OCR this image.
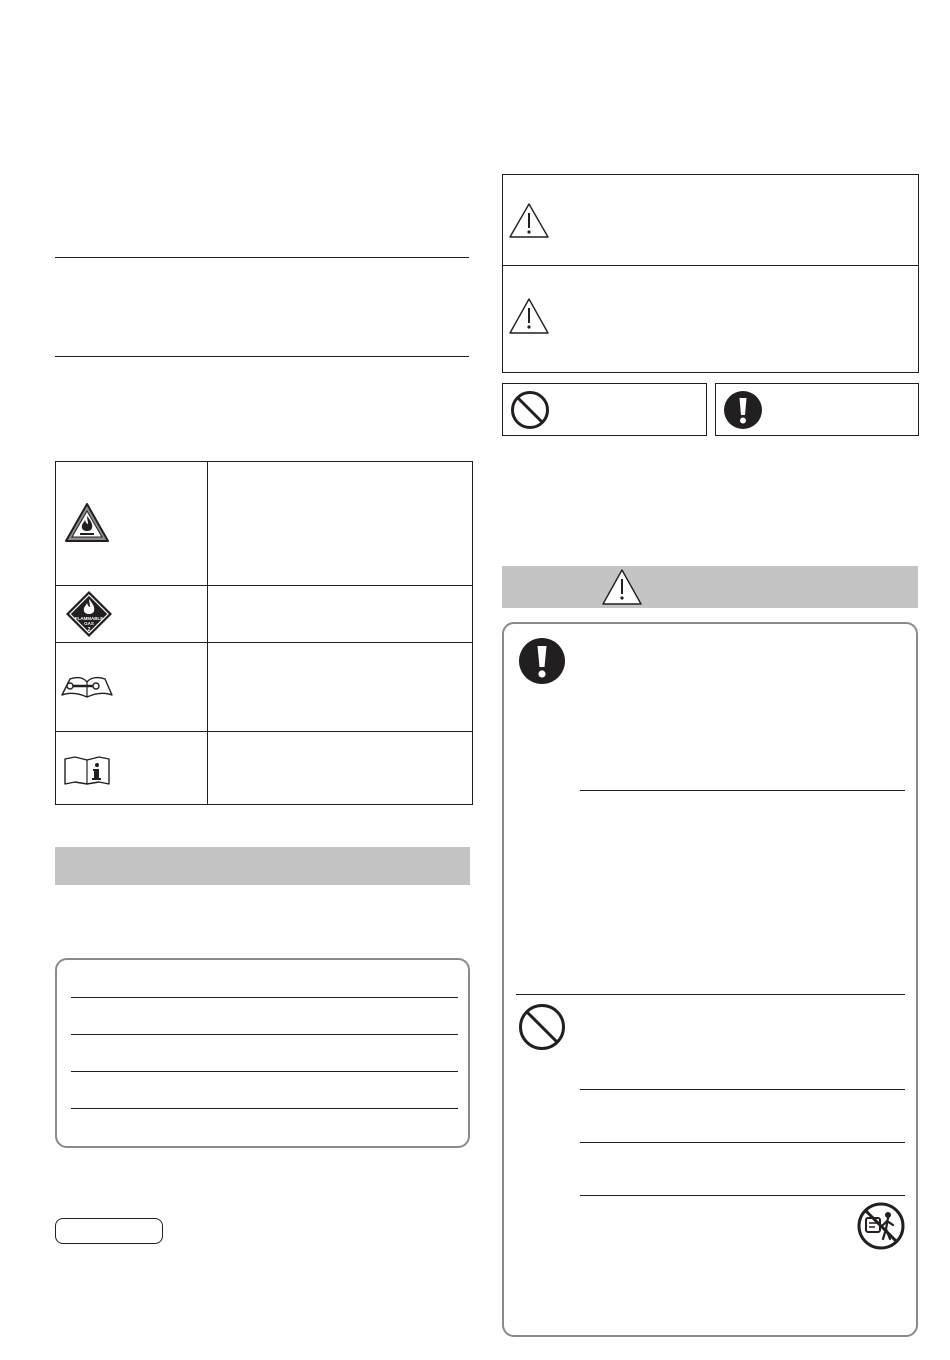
FLAMMABLE
GAS
2
